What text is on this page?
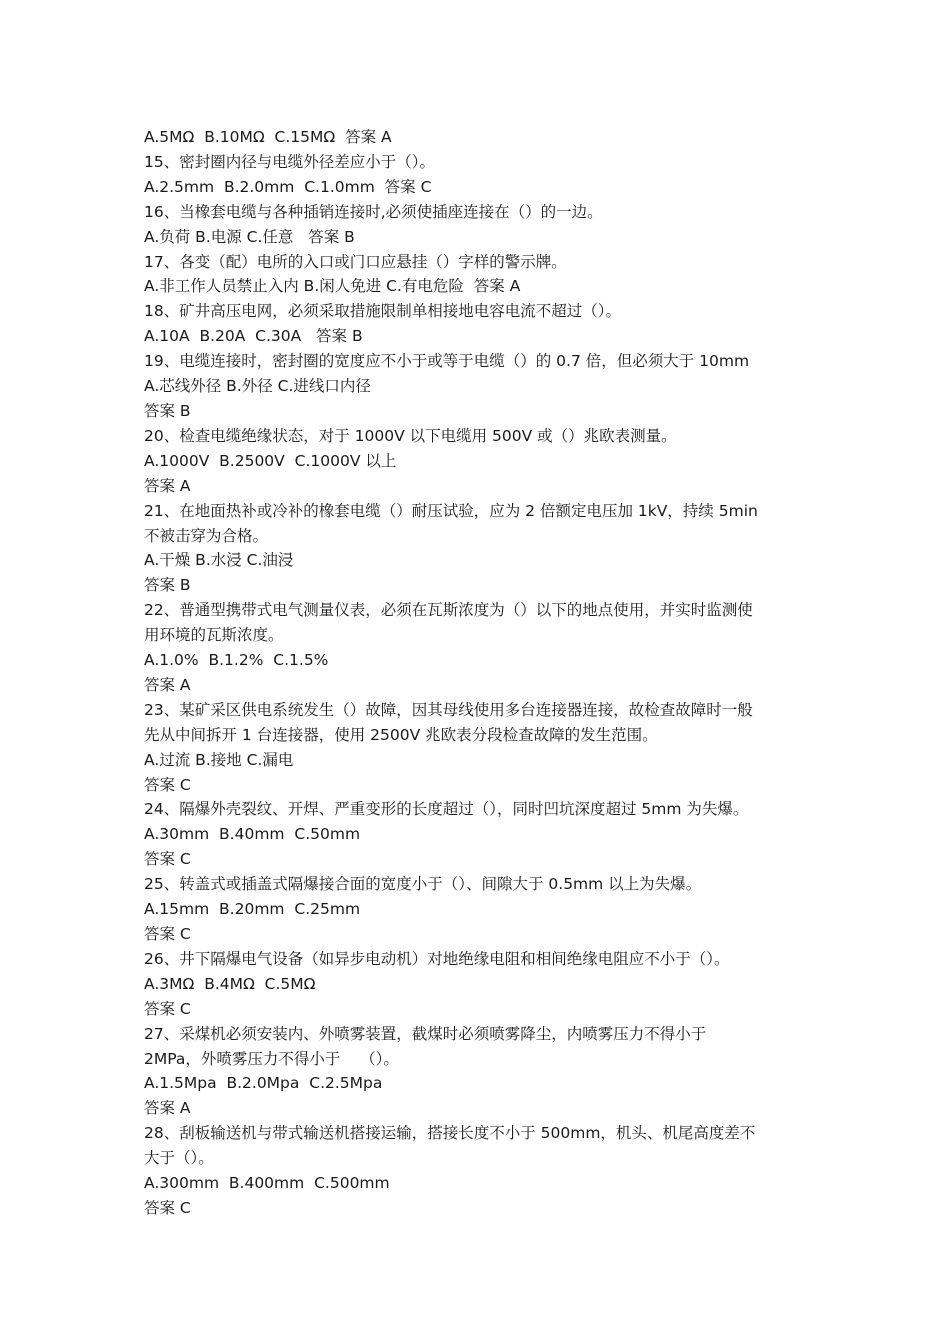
A.5MΩ  B.10MΩ  C.15MΩ  答案 A
15、密封圈内径与电缆外径差应小于（）。
A.2.5mm  B.2.0mm  C.1.0mm  答案 C
16、当橡套电缆与各种插销连接时,必须使插座连接在（）的一边。
A.负荷 B.电源 C.任意   答案 B
17、各变（配）电所的入口或门口应悬挂（）字样的警示牌。
A.非工作人员禁止入内 B.闲人免进 C.有电危险  答案 A
18、矿井高压电网，必须采取措施限制单相接地电容电流不超过（）。
A.10A  B.20A  C.30A   答案 B
19、电缆连接时，密封圈的宽度应不小于或等于电缆（）的 0.7 倍，但必须大于 10mm
A.芯线外径 B.外径 C.进线口内径
答案 B
20、检查电缆绝缘状态，对于 1000V 以下电缆用 500V 或（）兆欧表测量。
A.1000V  B.2500V  C.1000V 以上
答案 A
21、在地面热补或冷补的橡套电缆（）耐压试验，应为 2 倍额定电压加 1kV，持续 5min
不被击穿为合格。
A.干燥 B.水浸 C.油浸
答案 B
22、普通型携带式电气测量仪表，必须在瓦斯浓度为（）以下的地点使用，并实时监测使
用环境的瓦斯浓度。
A.1.0%  B.1.2%  C.1.5%
答案 A
23、某矿采区供电系统发生（）故障，因其母线使用多台连接器连接，故检查故障时一般
先从中间拆开 1 台连接器，使用 2500V 兆欧表分段检查故障的发生范围。
A.过流 B.接地 C.漏电
答案 C
24、隔爆外壳裂纹、开焊、严重变形的长度超过（），同时凹坑深度超过 5mm 为失爆。
A.30mm  B.40mm  C.50mm
答案 C
25、转盖式或插盖式隔爆接合面的宽度小于（）、间隙大于 0.5mm 以上为失爆。
A.15mm  B.20mm  C.25mm
答案 C
26、井下隔爆电气设备（如异步电动机）对地绝缘电阻和相间绝缘电阻应不小于（）。
A.3MΩ  B.4MΩ  C.5MΩ
答案 C
27、采煤机必须安装内、外喷雾装置，截煤时必须喷雾降尘，内喷雾压力不得小于
2MPa，外喷雾压力不得小于    （）。
A.1.5Mpa  B.2.0Mpa  C.2.5Mpa
答案 A
28、刮板输送机与带式输送机搭接运输，搭接长度不小于 500mm，机头、机尾高度差不
大于（）。
A.300mm  B.400mm  C.500mm
答案 C
